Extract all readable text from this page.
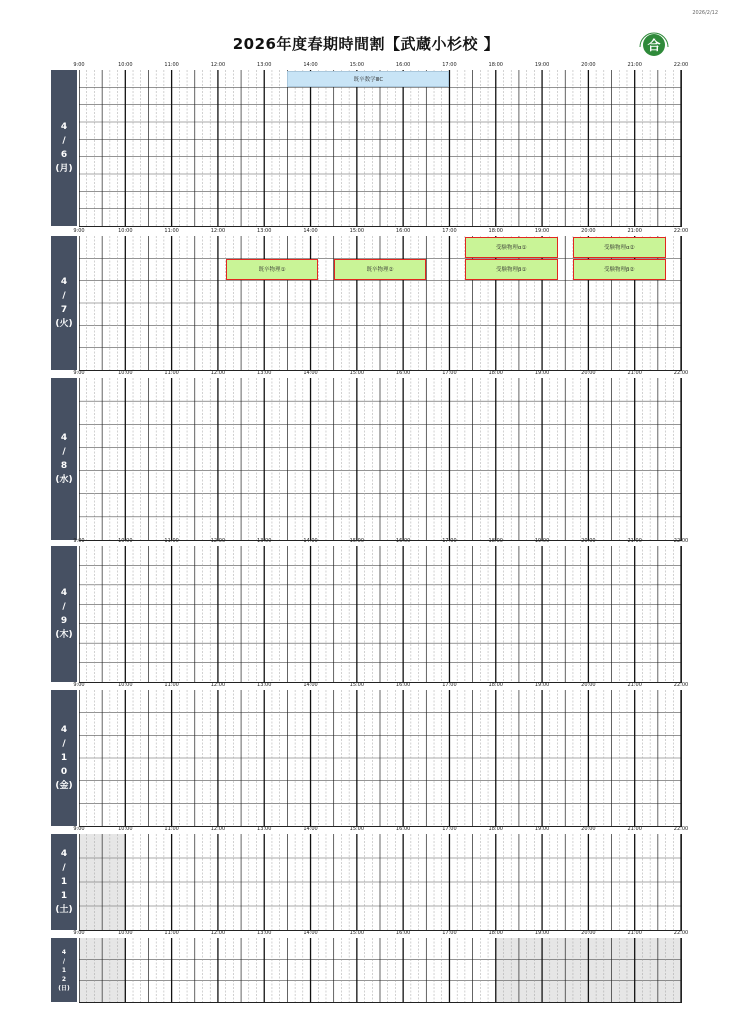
2026/2/12
2026年度春期時間割【武蔵小杉校 】	合
9:00	10:00	11:00	12:00	13:00	14:00	15:00	16:00	17:00	18:00	19:00	20:00	21:00	22:00
4
/
6
(月)
既卒数学ⅢC
9:00	10:00	11:00	12:00	13:00	14:00	15:00	16:00	17:00	18:00	19:00	20:00	21:00	22:00
4
/
7
(火)
既卒物理①	既卒物理②
受験物理α①
受験物理β①
受験物理α②
受験物理β②
9:00	10:00	11:00	12:00	13:00	14:00	15:00	16:00	17:00	18:00	19:00	20:00	21:00	22:00
4
/
8
(水)
9:00	10:00	11:00	12:00	13:00	14:00	15:00	16:00	17:00	18:00	19:00	20:00	21:00	22:00
4
/
9
(木)
9:00	10:00	11:00	12:00	13:00	14:00	15:00	16:00	17:00	18:00	19:00	20:00	21:00	22:00
4
/
1
0
(金)
9:00	10:00	11:00	12:00	13:00	14:00	15:00	16:00	17:00	18:00	19:00	20:00	21:00	22:00
4
/
1
1
(土)
9:00	10:00	11:00	12:00	13:00	14:00	15:00	16:00	17:00	18:00	19:00	20:00	21:00	22:00
4
/
1
2
(日)
